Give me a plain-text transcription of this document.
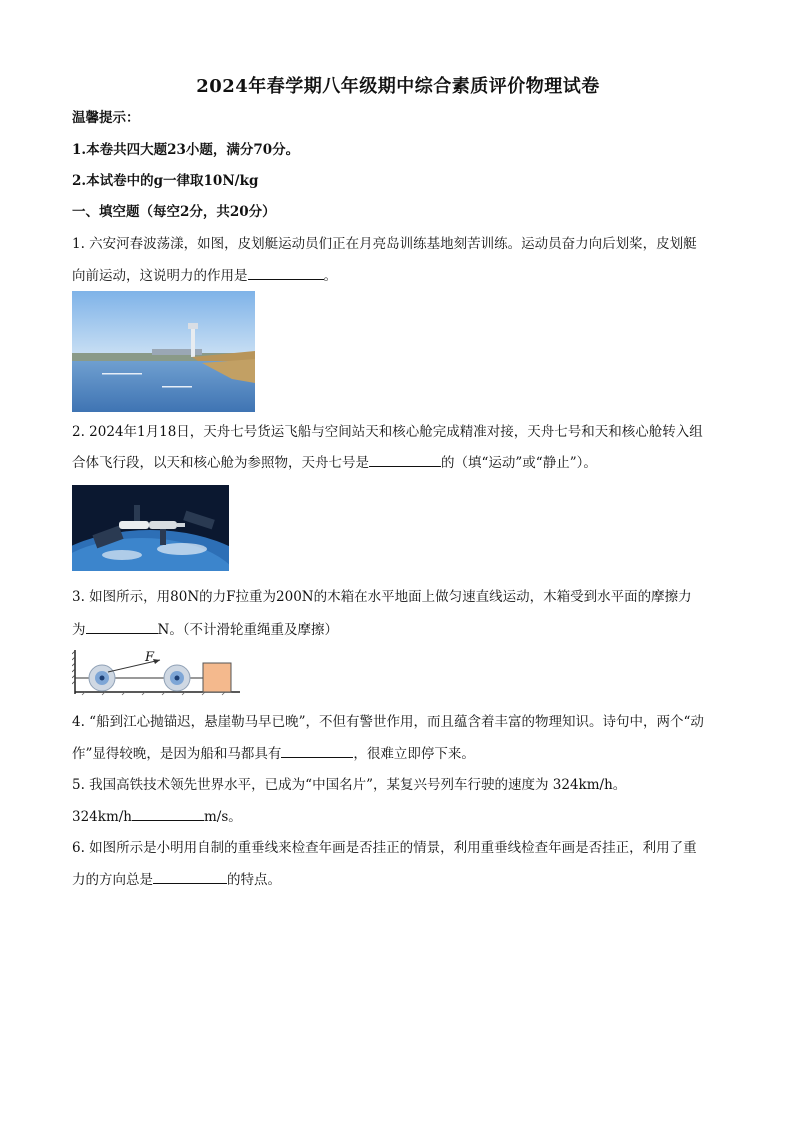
2024年春学期八年级期中综合素质评价物理试卷
温馨提示：
1.本卷共四大题23小题，满分70分。
2.本试卷中的g一律取10N/kg
一、填空题（每空2分，共20分）
1. 六安河春波荡漾，如图，皮划艇运动员们正在月亮岛训练基地刻苦训练。运动员奋力向后划桨，皮划艇
向前运动，这说明力的作用是	。
2. 2024年1月18日，天舟七号货运飞船与空间站天和核心舱完成精准对接，天舟七号和天和核心舱转入组
合体飞行段，以天和核心舱为参照物，天舟七号是	的（填“运动”或“静止”）。
3. 如图所示，用80N的力F拉重为200N的木箱在水平地面上做匀速直线运动，木箱受到水平面的摩擦力
为	N。（不计滑轮重绳重及摩擦）
F
4. “船到江心抛锚迟，悬崖勒马早已晚”，不但有警世作用，而且蕴含着丰富的物理知识。诗句中，两个“动
作”显得较晚，是因为船和马都具有	，很难立即停下来。
5. 我国高铁技术领先世界水平，已成为“中国名片”，某复兴号列车行驶的速度为 324km/h。
324km/h	m/s。
6. 如图所示是小明用自制的重垂线来检查年画是否挂正的情景，利用重垂线检查年画是否挂正，利用了重
力的方向总是	的特点。
